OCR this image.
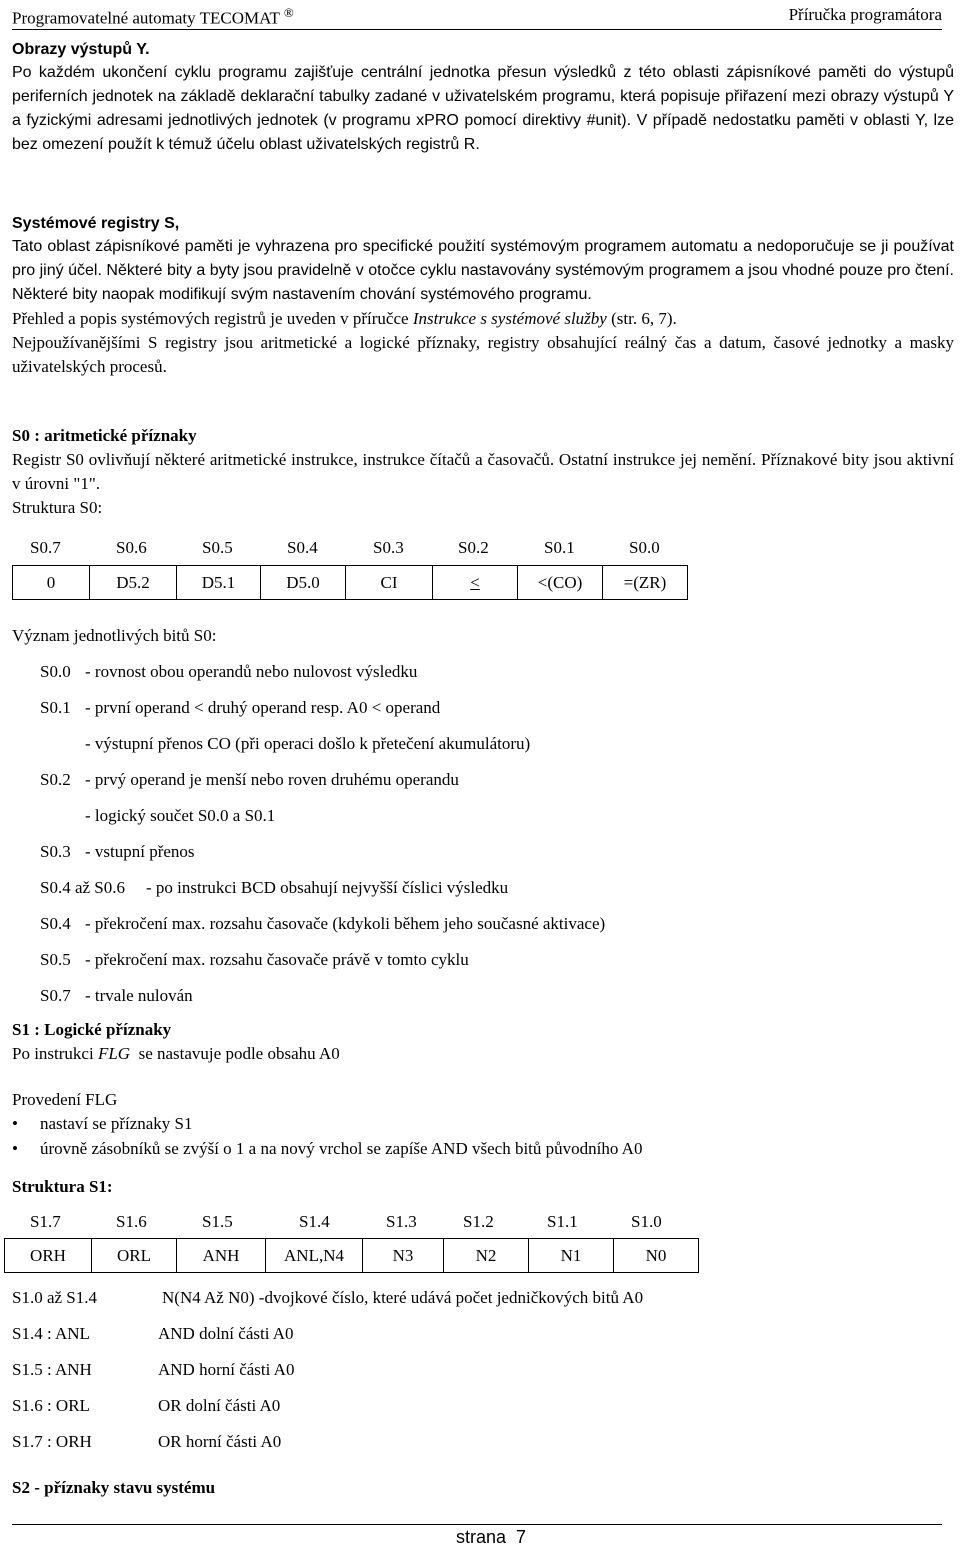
Programovatelné automaty TECOMAT ®	Příručka programátora
Obrazy výstupů Y.

Po každém ukončení cyklu programu zajišťuje centrální jednotka přesun výsledků z této oblasti zápisníkové paměti do výstupů periferních jednotek na základě deklarační tabulky zadané v uživatelském programu, která popisuje přiřazení mezi obrazy výstupů Y a fyzickými adresami jednotlivých jednotek (v programu xPRO pomocí direktivy #unit). V případě nedostatku paměti v oblasti Y, lze bez omezení použít k témuž účelu oblast uživatelských registrů R.

Systémové registry S,

Tato oblast zápisníkové paměti je vyhrazena pro specifické použití systémovým programem automatu a nedoporučuje se ji používat pro jiný účel. Některé bity a byty jsou pravidelně v otočce cyklu nastavovány systémovým programem a jsou vhodné pouze pro čtení. Některé bity naopak modifikují svým nastavením chování systémového programu.

Přehled a popis systémových registrů je uveden v příručce Instrukce s systémové služby (str. 6, 7).

Nejpoužívanějšími S registry jsou aritmetické a logické příznaky, registry obsahující reálný čas a datum, časové jednotky a masky uživatelských procesů.

S0 : aritmetické příznaky

Registr S0 ovlivňují některé aritmetické instrukce, instrukce čítačů a časovačů. Ostatní instrukce jej nemění. Příznakové bity jsou aktivní v úrovni "1".

Struktura S0:
S0.7	S0.6	S0.5	S0.4	S0.3	S0.2	S0.1	S0.0
0	D5.2	D5.1	D5.0	CI	<	<(CO)	=(ZR)
Význam jednotlivých bitů S0:
S0.0 - rovnost obou operandů nebo nulovost výsledku
S0.1 - první operand < druhý operand resp. A0 < operand
- výstupní přenos CO (při operaci došlo k přetečení akumulátoru)
S0.2 - prvý operand je menší nebo roven druhému operandu
- logický součet S0.0 a S0.1
S0.3 - vstupní přenos
S0.4 až S0.6 - po instrukci BCD obsahují nejvyšší číslici výsledku
S0.4 - překročení max. rozsahu časovače (kdykoli během jeho současné aktivace)
S0.5 - překročení max. rozsahu časovače právě v tomto cyklu
S0.7 - trvale nulován
S1 : Logické příznaky
Po instrukci FLG  se nastavuje podle obsahu A0
Provedení FLG
• nastaví se příznaky S1
• úrovně zásobníků se zvýší o 1 a na nový vrchol se zapíše AND všech bitů původního A0
Struktura S1:
S1.7	S1.6	S1.5	S1.4	S1.3	S1.2	S1.1	S1.0
ORH	ORL	ANH	ANL,N4	N3	N2	N1	N0
S1.0 až S1.4	N(N4 Až N0) -dvojkové číslo, které udává počet jedničkových bitů A0
S1.4 : ANL	AND dolní části A0
S1.5 : ANH	AND horní části A0
S1.6 : ORL	OR dolní části A0
S1.7 : ORH	OR horní části A0
S2 - příznaky stavu systému
strana  7
